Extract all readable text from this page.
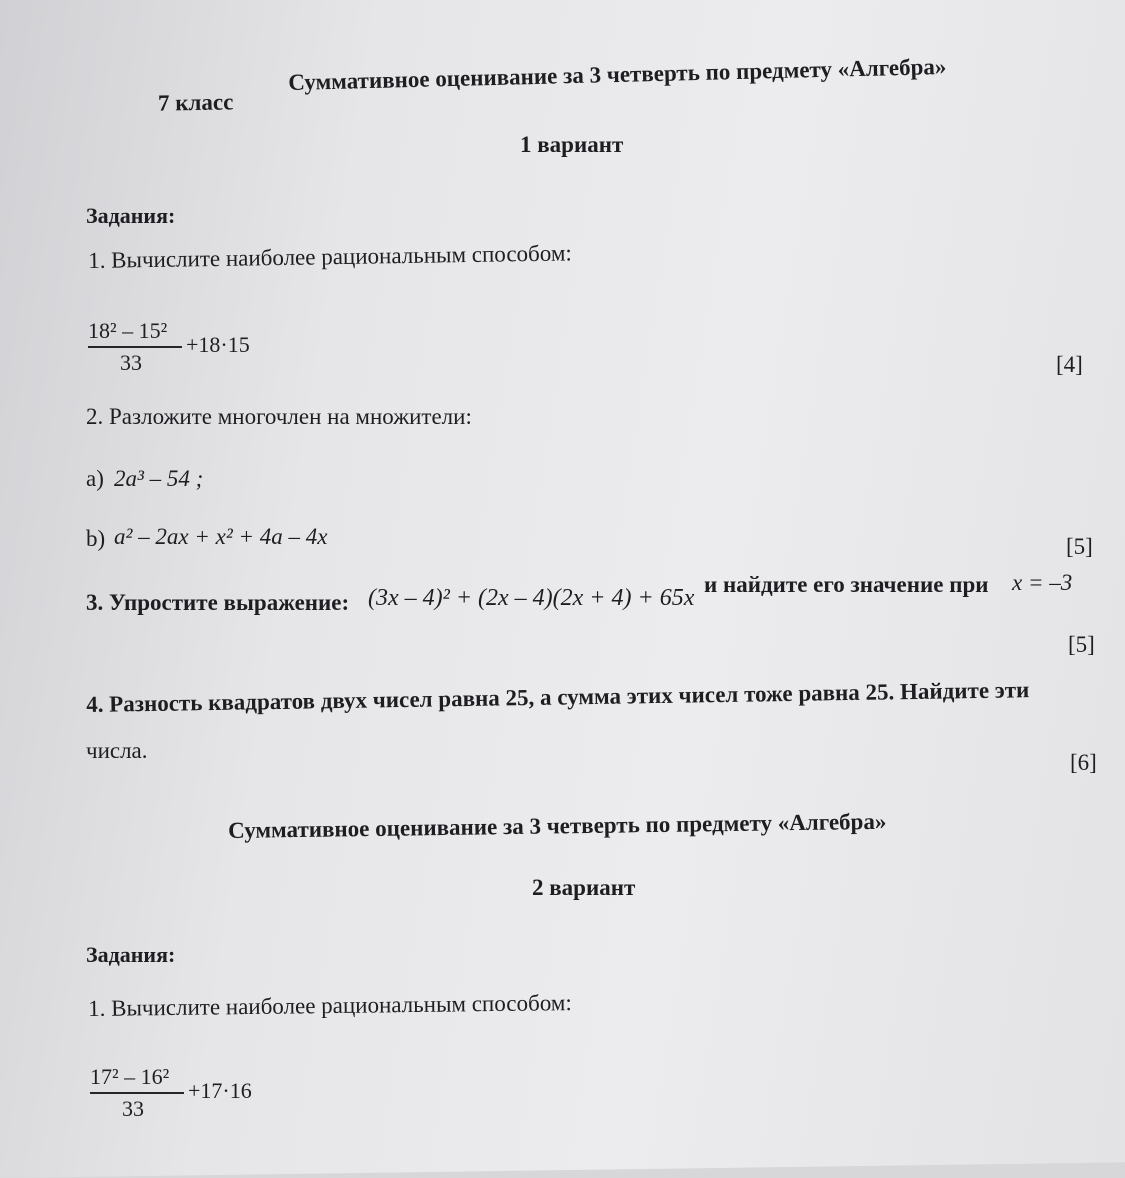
7 класс
Суммативное оценивание за 3 четверть по предмету «Алгебра»
1 вариант
Задания:
1. Вычислите наиболее рациональным способом:
18² – 15²
33
+18·15
[4]
2. Разложите многочлен на множители:
а) 2a³ – 54 ;
b) a² – 2ax + x² + 4a – 4x	[5]
3. Упростите выражение: (3x – 4)² + (2x – 4)(2x + 4) + 65x
и найдите его значение при x = –3
[5]
4. Разность квадратов двух чисел равна 25, а сумма этих чисел тоже равна 25. Найдите эти
числа.	[6]
Суммативное оценивание за 3 четверть по предмету «Алгебра»
2 вариант
Задания:
1. Вычислите наиболее рациональным способом:
17² – 16²
33
+17·16
